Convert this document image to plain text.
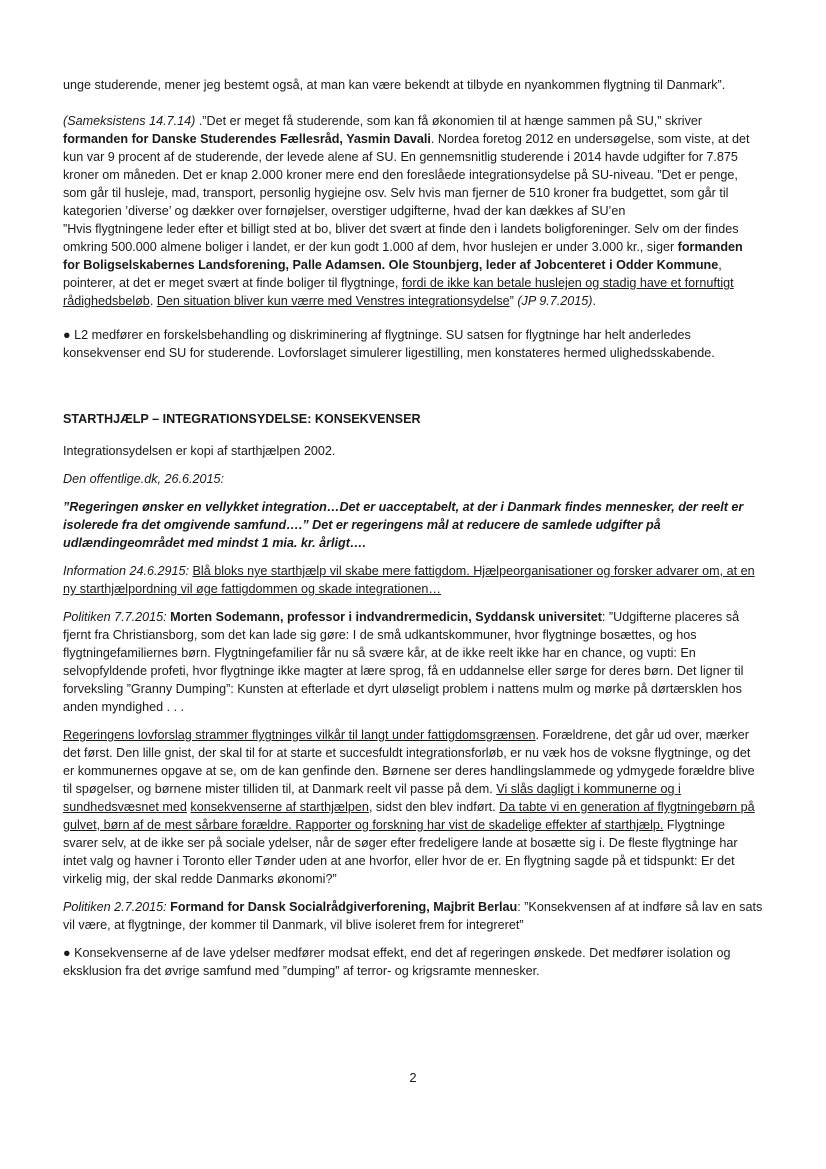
unge studerende, mener jeg bestemt også, at man kan være bekendt at tilbyde en nyankommen flygtning til Danmark”.

(Sameksistens 14.7.14) .”Det er meget få studerende, som kan få økonomien til at hænge sammen på SU,” skriver formanden for Danske Studerendes Fællesråd, Yasmin Davali. Nordea foretog 2012 en undersøgelse, som viste, at det kun var 9 procent af de studerende, der levede alene af SU. En gennemsnitlig studerende i 2014 havde udgifter for 7.875 kroner om måneden. Det er knap 2.000 kroner mere end den foreslåede integrationsydelse på SU-niveau. ”Det er penge, som går til husleje, mad, transport, personlig hygiejne osv. Selv hvis man fjerner de 510 kroner fra budgettet, som går til kategorien ’diverse’ og dækker over fornøjelser, overstiger udgifterne, hvad der kan dækkes af SU’en
”Hvis flygtningene leder efter et billigt sted at bo, bliver det svært at finde den i landets boligforeninger. Selv om der findes omkring 500.000 almene boliger i landet, er der kun godt 1.000 af dem, hvor huslejen er under 3.000 kr., siger formanden for Boligselskabernes Landsforening, Palle Adamsen. Ole Stounbjerg, leder af Jobcenteret i Odder Kommune, pointerer, at det er meget svært at finde boliger til flygtninge, fordi de ikke kan betale huslejen og stadig have et fornuftigt rådighedsbeløb. Den situation bliver kun værre med Venstres integrationsydelse” (JP 9.7.2015).

● L2 medfører en forskelsbehandling og diskriminering af flygtninge. SU satsen for flygtninge har helt anderledes konsekvenser end SU for studerende. Lovforslaget simulerer ligestilling, men konstateres hermed ulighedsskabende.

STARTHJÆLP – INTEGRATIONSYDELSE: KONSEKVENSER

Integrationsydelsen er kopi af starthjælpen 2002.

Den offentlige.dk, 26.6.2015:

”Regeringen ønsker en vellykket integration…Det er uacceptabelt, at der i Danmark findes mennesker, der reelt er isolerede fra det omgivende samfund….” Det er regeringens mål at reducere de samlede udgifter på udlændingeområdet med mindst 1 mia. kr. årligt….

Information 24.6.2915: Blå bloks nye starthjælp vil skabe mere fattigdom. Hjælpeorganisationer og forsker advarer om, at en ny starthjælpordning vil øge fattigdommen og skade integrationen…

Politiken 7.7.2015: Morten Sodemann, professor i indvandrermedicin, Syddansk universitet: ”Udgifterne placeres så fjernt fra Christiansborg, som det kan lade sig gøre: I de små udkantskommuner, hvor flygtninge bosættes, og hos flygtningefamiliernes børn. Flygtningefamilier får nu så svære kår, at de ikke reelt ikke har en chance, og vupti: En selvopfyldende profeti, hvor flygtninge ikke magter at lære sprog, få en uddannelse eller sørge for deres børn. Det ligner til forveksling ”Granny Dumping”: Kunsten at efterlade et dyrt uløseligt problem i nattens mulm og mørke på dørtærsklen hos anden myndighed . . .

Regeringens lovforslag strammer flygtninges vilkår til langt under fattigdomsgrænsen. Forældrene, det går ud over, mærker det først. Den lille gnist, der skal til for at starte et succesfuldt integrationsforløb, er nu væk hos de voksne flygtninge, og det er kommunernes opgave at se, om de kan genfinde den. Børnene ser deres handlingslammede og ydmygede forældre blive til spøgelser, og børnene mister tilliden til, at Danmark reelt vil passe på dem. Vi slås dagligt i kommunerne og i sundhedsvæsnet med konsekvenserne af starthjælpen, sidst den blev indført. Da tabte vi en generation af flygtningebørn på gulvet, børn af de mest sårbare forældre. Rapporter og forskning har vist de skadelige effekter af starthjælp. Flygtninge svarer selv, at de ikke ser på sociale ydelser, når de søger efter fredeligere lande at bosætte sig i. De fleste flygtninge har intet valg og havner i Toronto eller Tønder uden at ane hvorfor, eller hvor de er. En flygtning sagde på et tidspunkt: Er det virkelig mig, der skal redde Danmarks økonomi?”

Politiken 2.7.2015: Formand for Dansk Socialrådgiverforening, Majbrit Berlau: ”Konsekvensen af at indføre så lav en sats vil være, at flygtninge, der kommer til Danmark, vil blive isoleret frem for integreret”

● Konsekvenserne af de lave ydelser medfører modsat effekt, end det af regeringen ønskede. Det medfører isolation og eksklusion fra det øvrige samfund med ”dumping” af terror- og krigsramte mennesker.

2
